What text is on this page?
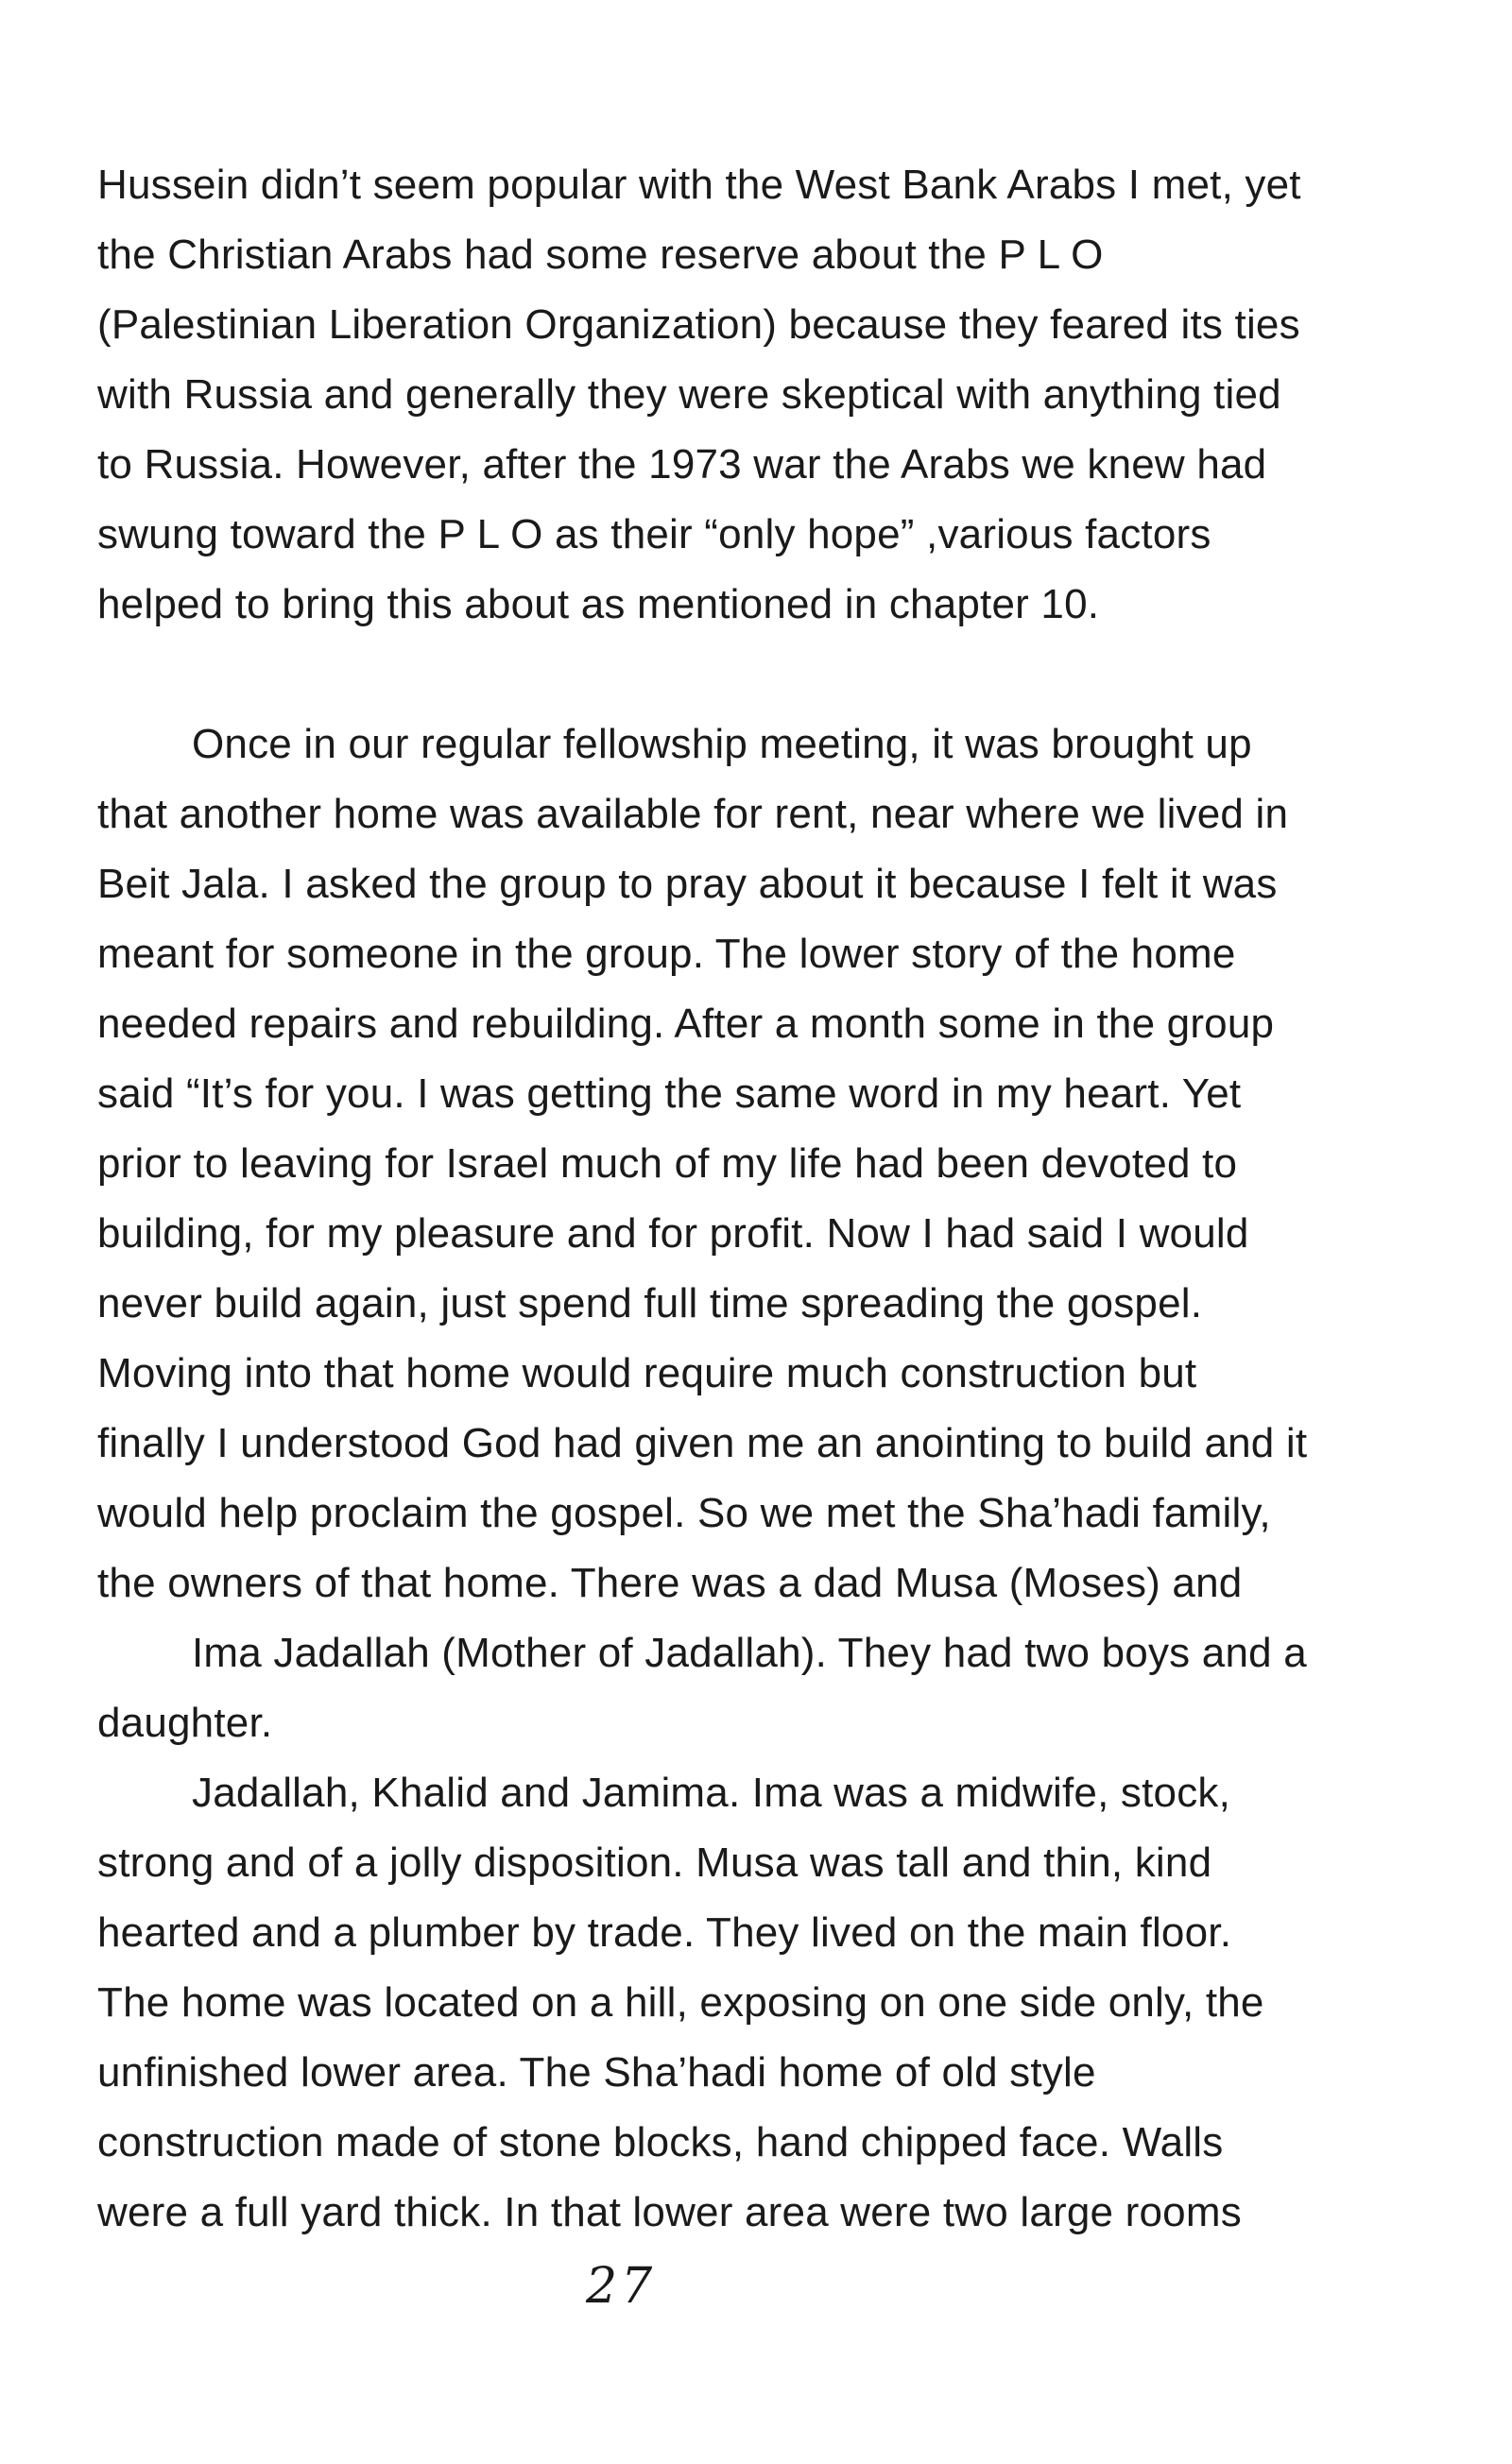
Hussein didn’t seem popular with the West Bank Arabs I met, yet
the Christian Arabs had some reserve about the P L O
(Palestinian Liberation Organization) because they feared its ties
with Russia and generally they were skeptical with anything tied
to Russia. However, after the 1973 war the Arabs we knew had
swung toward the P L O as their “only hope” ,various factors
helped to bring this about as mentioned in chapter 10.
Once in our regular fellowship meeting, it was brought up
that another home was available for rent, near where we lived in
Beit Jala. I asked the group to pray about it because I felt it was
meant for someone in the group. The lower story of the home
needed repairs and rebuilding. After a month some in the group
said “It’s for you. I was getting the same word in my heart. Yet
prior to leaving for Israel much of my life had been devoted to
building, for my pleasure and for profit. Now I had said I would
never build again, just spend full time spreading the gospel.
Moving into that home would require much construction but
finally I understood God had given me an anointing to build and it
would help proclaim the gospel. So we met the Sha’hadi family,
the owners of that home. There was a dad Musa (Moses) and
Ima Jadallah (Mother of Jadallah). They had two boys and a
daughter.
Jadallah, Khalid and Jamima. Ima was a midwife, stock,
strong and of a jolly disposition. Musa was tall and thin, kind
hearted and a plumber by trade. They lived on the main floor.
The home was located on a hill, exposing on one side only, the
unfinished lower area. The Sha’hadi home of old style
construction made of stone blocks, hand chipped face. Walls
were a full yard thick. In that lower area were two large rooms
27
